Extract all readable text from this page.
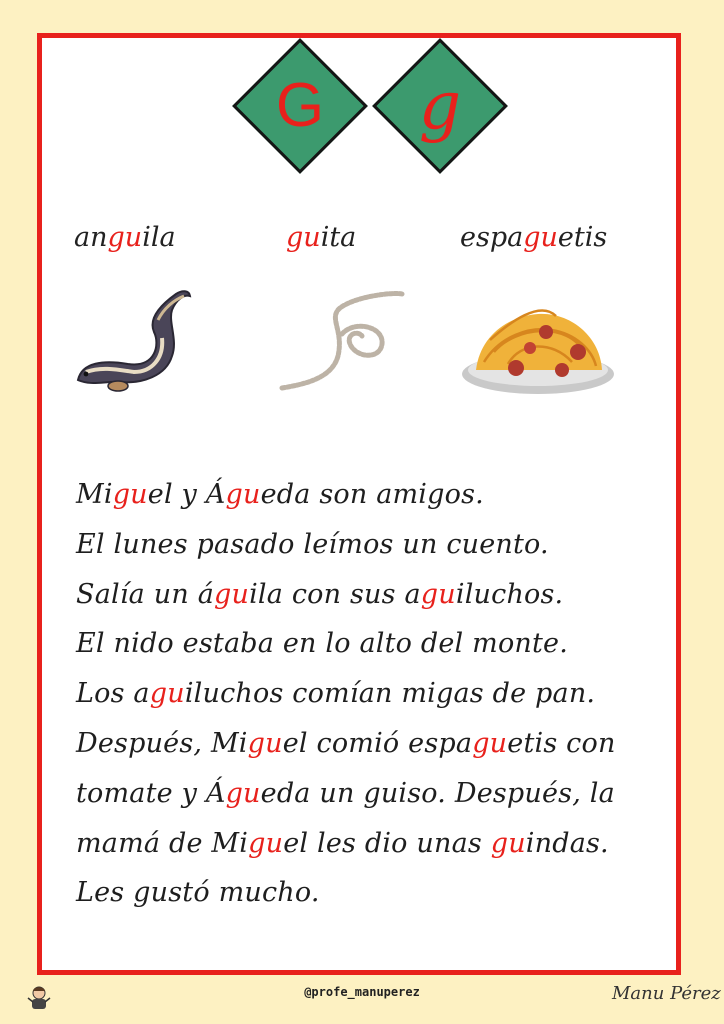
G	g
anguila	guita	espaguetis
Miguel y Águeda son amigos.
El lunes pasado leímos un cuento.
Salía un águila con sus aguiluchos.
El nido estaba en lo alto del monte.
Los aguiluchos comían migas de pan.
Después, Miguel comió espaguetis con
tomate y Águeda un guiso. Después, la
mamá de Miguel les dio unas guindas.
Les gustó mucho.
@profe_manuperez	Manu Pérez
